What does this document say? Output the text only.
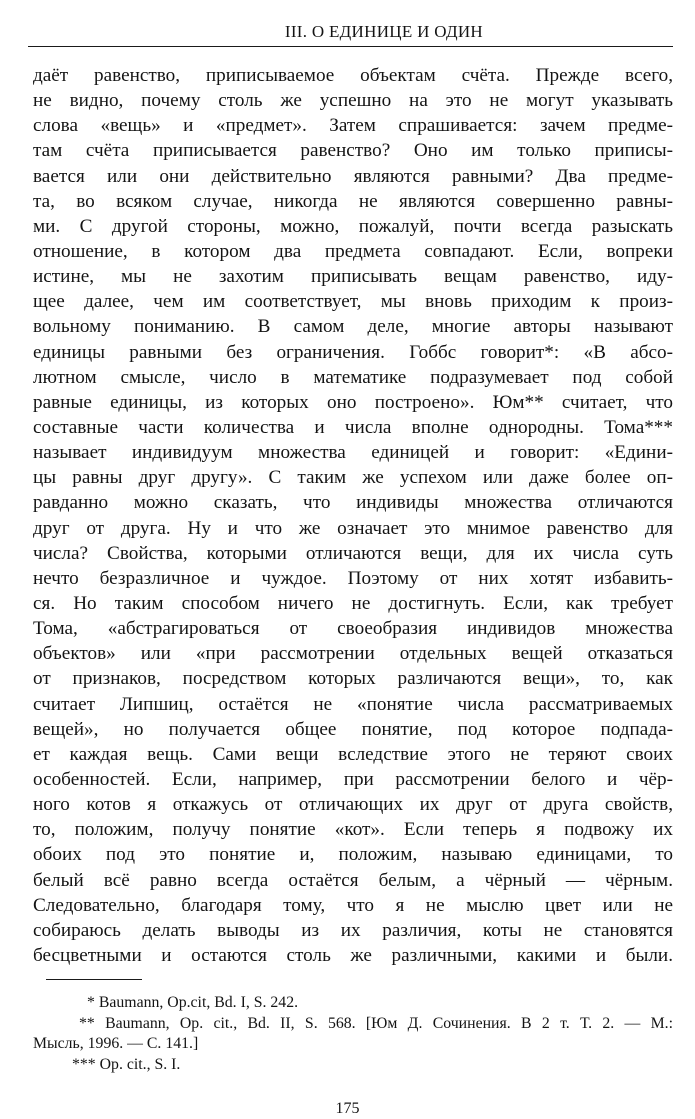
III. О ЕДИНИЦЕ И ОДИН
даёт равенство, приписываемое объектам счёта. Прежде всего,
не видно, почему столь же успешно на это не могут указывать
слова «вещь» и «предмет». Затем спрашивается: зачем предме-
там счёта приписывается равенство? Оно им только приписы-
вается или они действительно являются равными? Два предме-
та, во всяком случае, никогда не являются совершенно равны-
ми. С другой стороны, можно, пожалуй, почти всегда разыскать
отношение, в котором два предмета совпадают. Если, вопреки
истине, мы не захотим приписывать вещам равенство, иду-
щее далее, чем им соответствует, мы вновь приходим к произ-
вольному пониманию. В самом деле, многие авторы называют
единицы равными без ограничения. Гоббс говорит*: «В абсо-
лютном смысле, число в математике подразумевает под собой
равные единицы, из которых оно построено». Юм** считает, что
составные части количества и числа вполне однородны. Тома***
называет индивидуум множества единицей и говорит: «Едини-
цы равны друг другу». С таким же успехом или даже более оп-
равданно можно сказать, что индивиды множества отличаются
друг от друга. Ну и что же означает это мнимое равенство для
числа? Свойства, которыми отличаются вещи, для их числа суть
нечто безразличное и чуждое. Поэтому от них хотят избавить-
ся. Но таким способом ничего не достигнуть. Если, как требует
Тома, «абстрагироваться от своеобразия индивидов множества
объектов» или «при рассмотрении отдельных вещей отказаться
от признаков, посредством которых различаются вещи», то, как
считает Липшиц, остаётся не «понятие числа рассматриваемых
вещей», но получается общее понятие, под которое подпада-
ет каждая вещь. Сами вещи вследствие этого не теряют своих
особенностей. Если, например, при рассмотрении белого и чёр-
ного котов я откажусь от отличающих их друг от друга свойств,
то, положим, получу понятие «кот». Если теперь я подвожу их
обоих под это понятие и, положим, называю единицами, то
белый всё равно всегда остаётся белым, а чёрный — чёрным.
Следовательно, благодаря тому, что я не мыслю цвет или не
собираюсь делать выводы из их различия, коты не становятся
бесцветными и остаются столь же различными, какими и были.
* Baumann, Op.cit, Bd. I, S. 242.
** Baumann, Op. cit., Bd. II, S. 568. [Юм Д. Сочинения. В 2 т. Т. 2. — М.:
Мысль, 1996. — С. 141.]
*** Op. cit., S. I.
175
